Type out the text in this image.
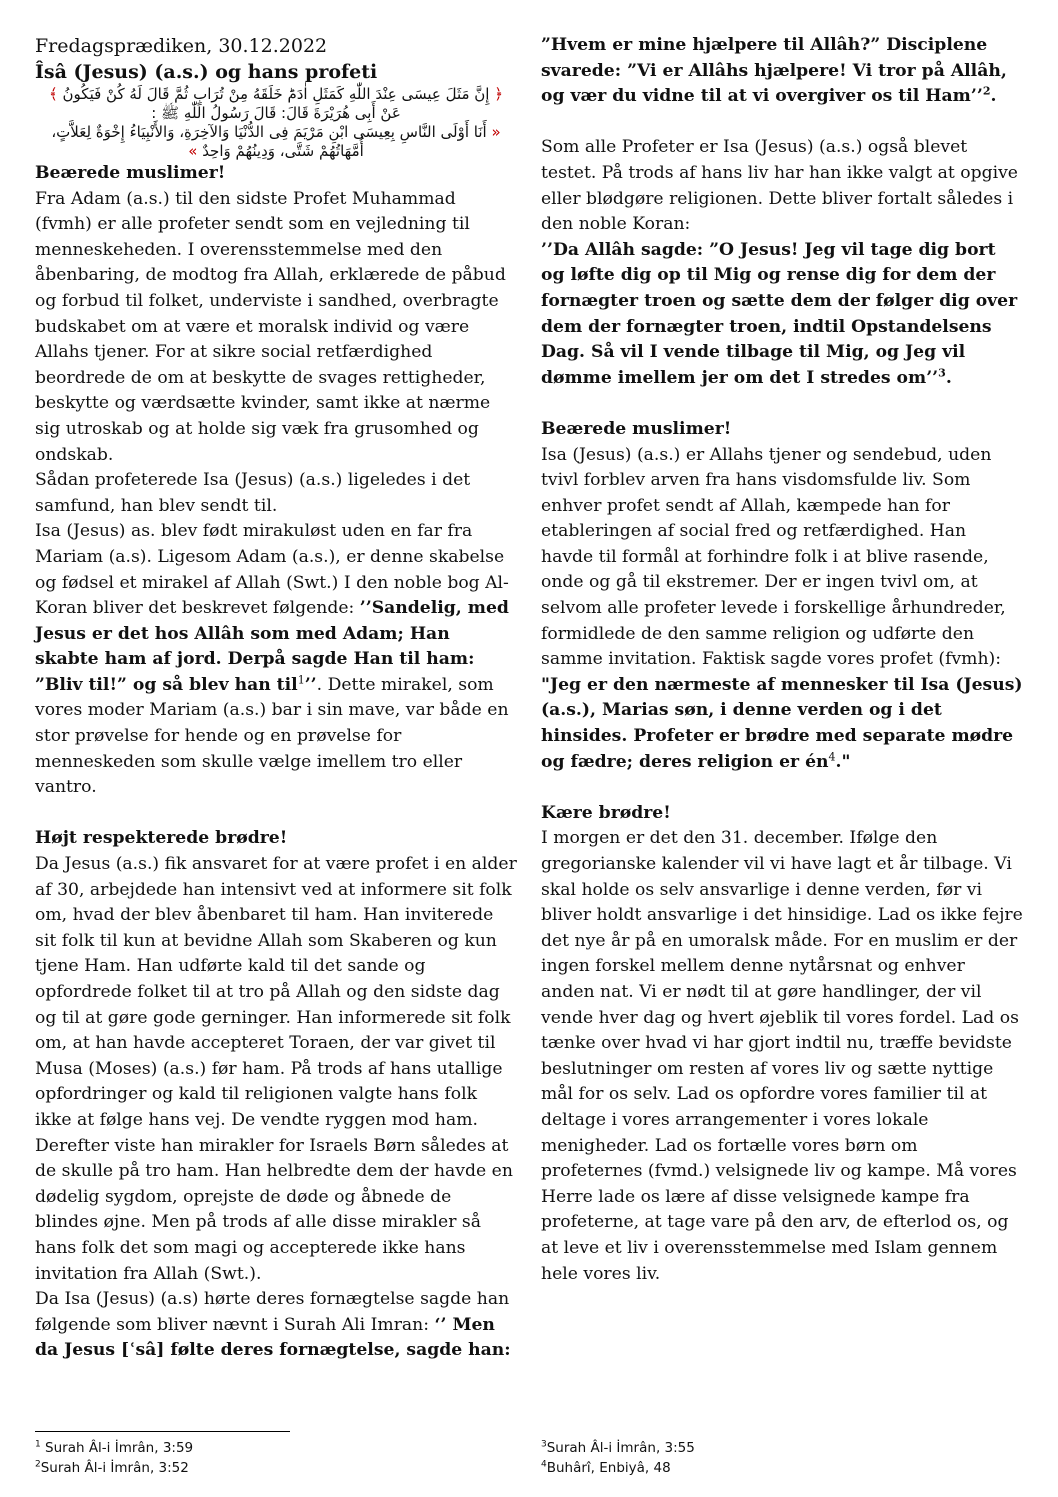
Fredagsprædiken, 30.12.2022
Îsâ (Jesus) (a.s.) og hans profeti
﴿ إِنَّ مَثَلَ عِيسَى عِنْدَ اللّٰهِ كَمَثَلِ اٰدَمَؕ خَلَقَهُ مِنْ تُرَابٍ ثُمَّ قَالَ لَهُ كُنْ فَيَكُونُ ﴾
عَنْ أَبِى هُرَيْرَةَ قَالَ: قَالَ رَسُولُ اللّٰهِ ﷺ :
« أَنَا أَوْلَى النَّاسِ بِعِيسَى ابْنِ مَرْيَمَ فِى الدُّنْيَا وَالآخِرَةِ، وَالأَنْبِيَاءُ إِخْوَةٌ لِعَلاَّتٍ، أُمَّهَاتُهُمْ شَتَّى، وَدِينُهُمْ وَاحِدٌ »

Beærede muslimer!

Fra Adam (a.s.) til den sidste Profet Muhammad (fvmh) er alle profeter sendt som en vejledning til menneskeheden. I overensstemmelse med den åbenbaring, de modtog fra Allah, erklærede de påbud og forbud til folket, underviste i sandhed, overbragte budskabet om at være et moralsk individ og være Allahs tjener. For at sikre social retfærdighed beordrede de om at beskytte de svages rettigheder, beskytte og værdsætte kvinder, samt ikke at nærme sig utroskab og at holde sig væk fra grusomhed og ondskab.

Sådan profeterede Isa (Jesus) (a.s.) ligeledes i det samfund, han blev sendt til.

Isa (Jesus) as. blev født mirakuløst uden en far fra Mariam (a.s). Ligesom Adam (a.s.), er denne skabelse og fødsel et mirakel af Allah (Swt.) I den noble bog Al-Koran bliver det beskrevet følgende: ’’Sandelig, med Jesus er det hos Allâh som med Adam; Han skabte ham af jord. Derpå sagde Han til ham: ”Bliv til!” og så blev han til$^1$’’. Dette mirakel, som vores moder Mariam (a.s.) bar i sin mave, var både en stor prøvelse for hende og en prøvelse for menneskeden som skulle vælge imellem tro eller vantro.

Højt respekterede brødre!

Da Jesus (a.s.) fik ansvaret for at være profet i en alder af 30, arbejdede han intensivt ved at informere sit folk om, hvad der blev åbenbaret til ham. Han inviterede sit folk til kun at bevidne Allah som Skaberen og kun tjene Ham. Han udførte kald til det sande og opfordrede folket til at tro på Allah og den sidste dag og til at gøre gode gerninger. Han informerede sit folk om, at han havde accepteret Toraen, der var givet til Musa (Moses) (a.s.) før ham. På trods af hans utallige opfordringer og kald til religionen valgte hans folk ikke at følge hans vej. De vendte ryggen mod ham.

Derefter viste han mirakler for Israels Børn således at de skulle på tro ham. Han helbredte dem der havde en dødelig sygdom, oprejste de døde og åbnede de blindes øjne. Men på trods af alle disse mirakler så hans folk det som magi og accepterede ikke hans invitation fra Allah (Swt.).

Da Isa (Jesus) (a.s) hørte deres fornægtelse sagde han følgende som bliver nævnt i Surah Ali Imran: ‘’ Men da Jesus [ʿsâ] følte deres fornægtelse, sagde han:

”Hvem er mine hjælpere til Allâh?” Disciplene svarede: ”Vi er Allâhs hjælpere! Vi tror på Allâh, og vær du vidne til at vi overgiver os til Ham’’$^2$.

Som alle Profeter er Isa (Jesus) (a.s.) også blevet testet. På trods af hans liv har han ikke valgt at opgive eller blødgøre religionen. Dette bliver fortalt således i den noble Koran:

’’Da Allâh sagde: ”O Jesus! Jeg vil tage dig bort og løfte dig op til Mig og rense dig for dem der fornægter troen og sætte dem der følger dig over dem der fornægter troen, indtil Opstandelsens Dag. Så vil I vende tilbage til Mig, og Jeg vil dømme imellem jer om det I stredes om’’$^3$.

Beærede muslimer!

Isa (Jesus) (a.s.) er Allahs tjener og sendebud, uden tvivl forblev arven fra hans visdomsfulde liv. Som enhver profet sendt af Allah, kæmpede han for etableringen af social fred og retfærdighed. Han havde til formål at forhindre folk i at blive rasende, onde og gå til ekstremer. Der er ingen tvivl om, at selvom alle profeter levede i forskellige århundreder, formidlede de den samme religion og udførte den samme invitation. Faktisk sagde vores profet (fvmh): "Jeg er den nærmeste af mennesker til Isa (Jesus) (a.s.), Marias søn, i denne verden og i det hinsides. Profeter er brødre med separate mødre og fædre; deres religion er $én^4$."

Kære brødre!

I morgen er det den 31. december. Ifølge den gregorianske kalender vil vi have lagt et år tilbage. Vi skal holde os selv ansvarlige i denne verden, før vi bliver holdt ansvarlige i det hinsidige. Lad os ikke fejre det nye år på en umoralsk måde. For en muslim er der ingen forskel mellem denne nytårsnat og enhver anden nat. Vi er nødt til at gøre handlinger, der vil vende hver dag og hvert øjeblik til vores fordel. Lad os tænke over hvad vi har gjort indtil nu, træffe bevidste beslutninger om resten af vores liv og sætte nyttige mål for os selv. Lad os opfordre vores familier til at deltage i vores arrangementer i vores lokale menigheder. Lad os fortælle vores børn om profeternes (fvmd.) velsignede liv og kampe. Må vores Herre lade os lære af disse velsignede kampe fra profeterne, at tage vare på den arv, de efterlod os, og at leve et liv i overensstemmelse med Islam gennem hele vores liv.

$^1$ Surah Âl-i İmrân, 3:59
$^2$Surah Âl-i İmrân, 3:52
$^3$Surah Âl-i İmrân, 3:55
$^4$Buhârî, Enbiyâ, 48
